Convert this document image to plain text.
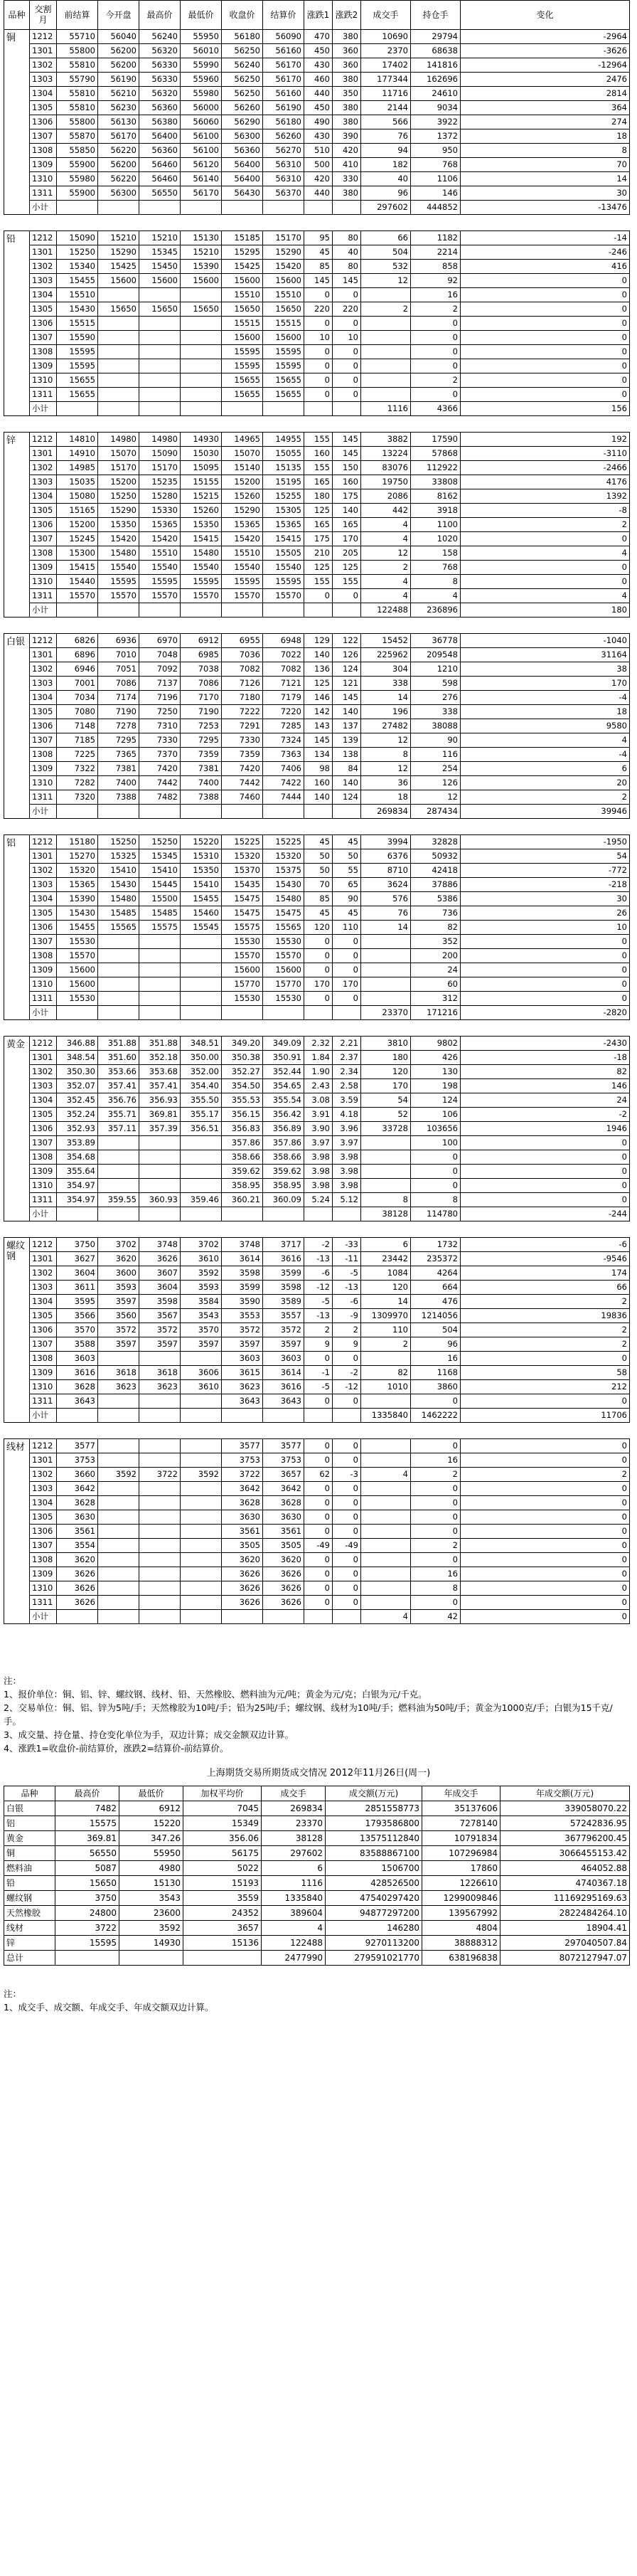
品种	交割月	前结算	今开盘	最高价	最低价	收盘价	结算价	涨跌1	涨跌2	成交手	持仓手	变化
铜	1212	55710	56040	56240	55950	56180	56090	470	380	10690	29794	-2964
	1301	55800	56200	56320	56010	56250	56160	450	360	2370	68638	-3626
	1302	55810	56200	56330	55990	56240	56170	430	360	17402	141816	-12964
	1303	55790	56190	56330	55960	56250	56170	460	380	177344	162696	2476
	1304	55810	56210	56320	55980	56250	56160	440	350	11716	24610	2814
	1305	55810	56230	56360	56000	56260	56190	450	380	2144	9034	364
	1306	55800	56130	56380	56060	56290	56180	490	380	566	3922	274
	1307	55870	56170	56400	56100	56300	56260	430	390	76	1372	18
	1308	55850	56220	56360	56100	56360	56270	510	420	94	950	8
	1309	55900	56200	56460	56120	56400	56310	500	410	182	768	70
	1310	55980	56220	56460	56140	56400	56310	420	330	40	1106	14
	1311	55900	56300	56550	56170	56430	56370	440	380	96	146	30
	小计									297602	444852	-13476
铅	1212	15090	15210	15210	15130	15185	15170	95	80	66	1182	-14
	1301	15250	15290	15345	15210	15295	15290	45	40	504	2214	-246
	1302	15340	15425	15450	15390	15425	15420	85	80	532	858	416
	1303	15455	15600	15600	15600	15600	15600	145	145	12	92	0
	1304	15510				15510	15510	0	0		16	0
	1305	15430	15650	15650	15650	15650	15650	220	220	2	2	0
	1306	15515				15515	15515	0	0		0	0
	1307	15590				15600	15600	10	10		0	0
	1308	15595				15595	15595	0	0		0	0
	1309	15595				15595	15595	0	0		0	0
	1310	15655				15655	15655	0	0		2	0
	1311	15655				15655	15655	0	0		0	0
	小计									1116	4366	156
锌	1212	14810	14980	14980	14930	14965	14955	155	145	3882	17590	192
	1301	14910	15070	15090	15030	15070	15055	160	145	13224	57868	-3110
	1302	14985	15170	15170	15095	15140	15135	155	150	83076	112922	-2466
	1303	15035	15200	15235	15155	15200	15195	165	160	19750	33808	4176
	1304	15080	15250	15280	15215	15260	15255	180	175	2086	8162	1392
	1305	15165	15290	15330	15260	15290	15305	125	140	442	3918	-8
	1306	15200	15350	15365	15350	15365	15365	165	165	4	1100	2
	1307	15245	15420	15420	15415	15420	15415	175	170	4	1020	0
	1308	15300	15480	15510	15480	15510	15505	210	205	12	158	4
	1309	15415	15540	15540	15540	15540	15540	125	125	2	768	0
	1310	15440	15595	15595	15595	15595	15595	155	155	4	8	0
	1311	15570	15570	15570	15570	15570	15570	0	0	4	4	4
	小计									122488	236896	180
白银	1212	6826	6936	6970	6912	6955	6948	129	122	15452	36778	-1040
	1301	6896	7010	7048	6985	7036	7022	140	126	225962	209548	31164
	1302	6946	7051	7092	7038	7082	7082	136	124	304	1210	38
	1303	7001	7086	7137	7086	7126	7121	125	121	338	598	170
	1304	7034	7174	7196	7170	7180	7179	146	145	14	276	-4
	1305	7080	7190	7250	7190	7222	7220	142	140	196	338	18
	1306	7148	7278	7310	7253	7291	7285	143	137	27482	38088	9580
	1307	7185	7295	7330	7295	7330	7324	145	139	12	90	4
	1308	7225	7365	7370	7359	7359	7363	134	138	8	116	-4
	1309	7322	7381	7420	7381	7420	7406	98	84	12	254	6
	1310	7282	7400	7442	7400	7442	7422	160	140	36	126	20
	1311	7320	7388	7482	7388	7460	7444	140	124	18	12	2
	小计									269834	287434	39946
铝	1212	15180	15250	15250	15220	15225	15225	45	45	3994	32828	-1950
	1301	15270	15325	15345	15310	15320	15320	50	50	6376	50932	54
	1302	15320	15410	15410	15350	15370	15375	50	55	8710	42418	-772
	1303	15365	15430	15445	15410	15435	15430	70	65	3624	37886	-218
	1304	15390	15480	15500	15455	15475	15480	85	90	576	5386	30
	1305	15430	15485	15485	15460	15475	15475	45	45	76	736	26
	1306	15455	15565	15575	15545	15575	15565	120	110	14	82	10
	1307	15530				15530	15530	0	0		352	0
	1308	15570				15570	15570	0	0		200	0
	1309	15600				15600	15600	0	0		24	0
	1310	15600				15770	15770	170	170		60	0
	1311	15530				15530	15530	0	0		312	0
	小计									23370	171216	-2820
黄金	1212	346.88	351.88	351.88	348.51	349.20	349.09	2.32	2.21	3810	9802	-2430
	1301	348.54	351.60	352.18	350.00	350.38	350.91	1.84	2.37	180	426	-18
	1302	350.30	353.66	353.68	352.00	352.27	352.44	1.90	2.34	120	130	82
	1303	352.07	357.41	357.41	354.40	354.50	354.65	2.43	2.58	170	198	146
	1304	352.45	356.76	356.93	355.50	355.53	355.54	3.08	3.59	54	124	24
	1305	352.24	355.71	369.81	355.17	356.15	356.42	3.91	4.18	52	106	-2
	1306	352.93	357.11	357.39	356.51	356.83	356.89	3.90	3.96	33728	103656	1946
	1307	353.89				357.86	357.86	3.97	3.97		100	0
	1308	354.68				358.66	358.66	3.98	3.98		0	0
	1309	355.64				359.62	359.62	3.98	3.98		0	0
	1310	354.97				358.95	358.95	3.98	3.98		0	0
	1311	354.97	359.55	360.93	359.46	360.21	360.09	5.24	5.12	8	8	0
	小计									38128	114780	-244
螺纹钢	1212	3750	3702	3748	3702	3748	3717	-2	-33	6	1732	-6
	1301	3627	3620	3626	3610	3614	3616	-13	-11	23442	235372	-9546
	1302	3604	3600	3607	3592	3598	3599	-6	-5	1084	4264	174
	1303	3611	3593	3604	3593	3599	3598	-12	-13	120	664	66
	1304	3595	3597	3598	3584	3590	3589	-5	-6	14	476	2
	1305	3566	3560	3567	3543	3553	3557	-13	-9	1309970	1214056	19836
	1306	3570	3572	3572	3570	3572	3572	2	2	110	504	2
	1307	3588	3597	3597	3597	3597	3597	9	9	2	96	2
	1308	3603				3603	3603	0	0		16	0
	1309	3616	3618	3618	3606	3615	3614	-1	-2	82	1168	58
	1310	3628	3623	3623	3610	3623	3616	-5	-12	1010	3860	212
	1311	3643				3643	3643	0	0		0	0
	小计									1335840	1462222	11706
线材	1212	3577				3577	3577	0	0		0	0
	1301	3753				3753	3753	0	0		16	0
	1302	3660	3592	3722	3592	3722	3657	62	-3	4	2	2
	1303	3642				3642	3642	0	0		0	0
	1304	3628				3628	3628	0	0		0	0
	1305	3630				3630	3630	0	0		0	0
	1306	3561				3561	3561	0	0		0	0
	1307	3554				3505	3505	-49	-49		2	0
	1308	3620				3620	3620	0	0		0	0
	1309	3626				3626	3626	0	0		16	0
	1310	3626				3626	3626	0	0		8	0
	1311	3626				3626	3626	0	0		0	0
	小计									4	42	0

注：

1、报价单位：铜、铝、锌、螺纹钢、线材、铅、天然橡胶、燃料油为元/吨；黄金为元/克；白银为元/千克。

2、交易单位：铜、铝、锌为5吨/手；天然橡胶为10吨/手；铅为25吨/手；螺纹钢、线材为10吨/手；燃料油为50吨/手；黄金为1000克/手；白银为15千克/手。

3、成交量、持仓量、持仓变化单位为手，双边计算；成交金额双边计算。

4、涨跌1=收盘价-前结算价，涨跌2=结算价-前结算价。

上海期货交易所期货成交情况 2012年11月26日(周一)
品种	最高价	最低价	加权平均价	成交手	成交额(万元)	年成交手	年成交额(万元)
白银	7482	6912	7045	269834	2851558773	35137606	339058070.22
铝	15575	15220	15349	23370	1793586800	7278140	57242836.95
黄金	369.81	347.26	356.06	38128	13575112840	10791834	367796200.45
铜	56550	55950	56175	297602	83588867100	107296984	3066455153.42
燃料油	5087	4980	5022	6	1506700	17860	464052.88
铅	15650	15130	15193	1116	428526500	1226610	4740367.18
螺纹钢	3750	3543	3559	1335840	47540297420	1299009846	11169295169.63
天然橡胶	24800	23600	24352	389604	94877297200	139567992	2822484264.10
线材	3722	3592	3657	4	146280	4804	18904.41
锌	15595	14930	15136	122488	9270113200	38888312	297040507.84
总计				2477990	279591021770	638196838	8072127947.07

注：

1、成交手、成交额、年成交手、年成交额双边计算。
